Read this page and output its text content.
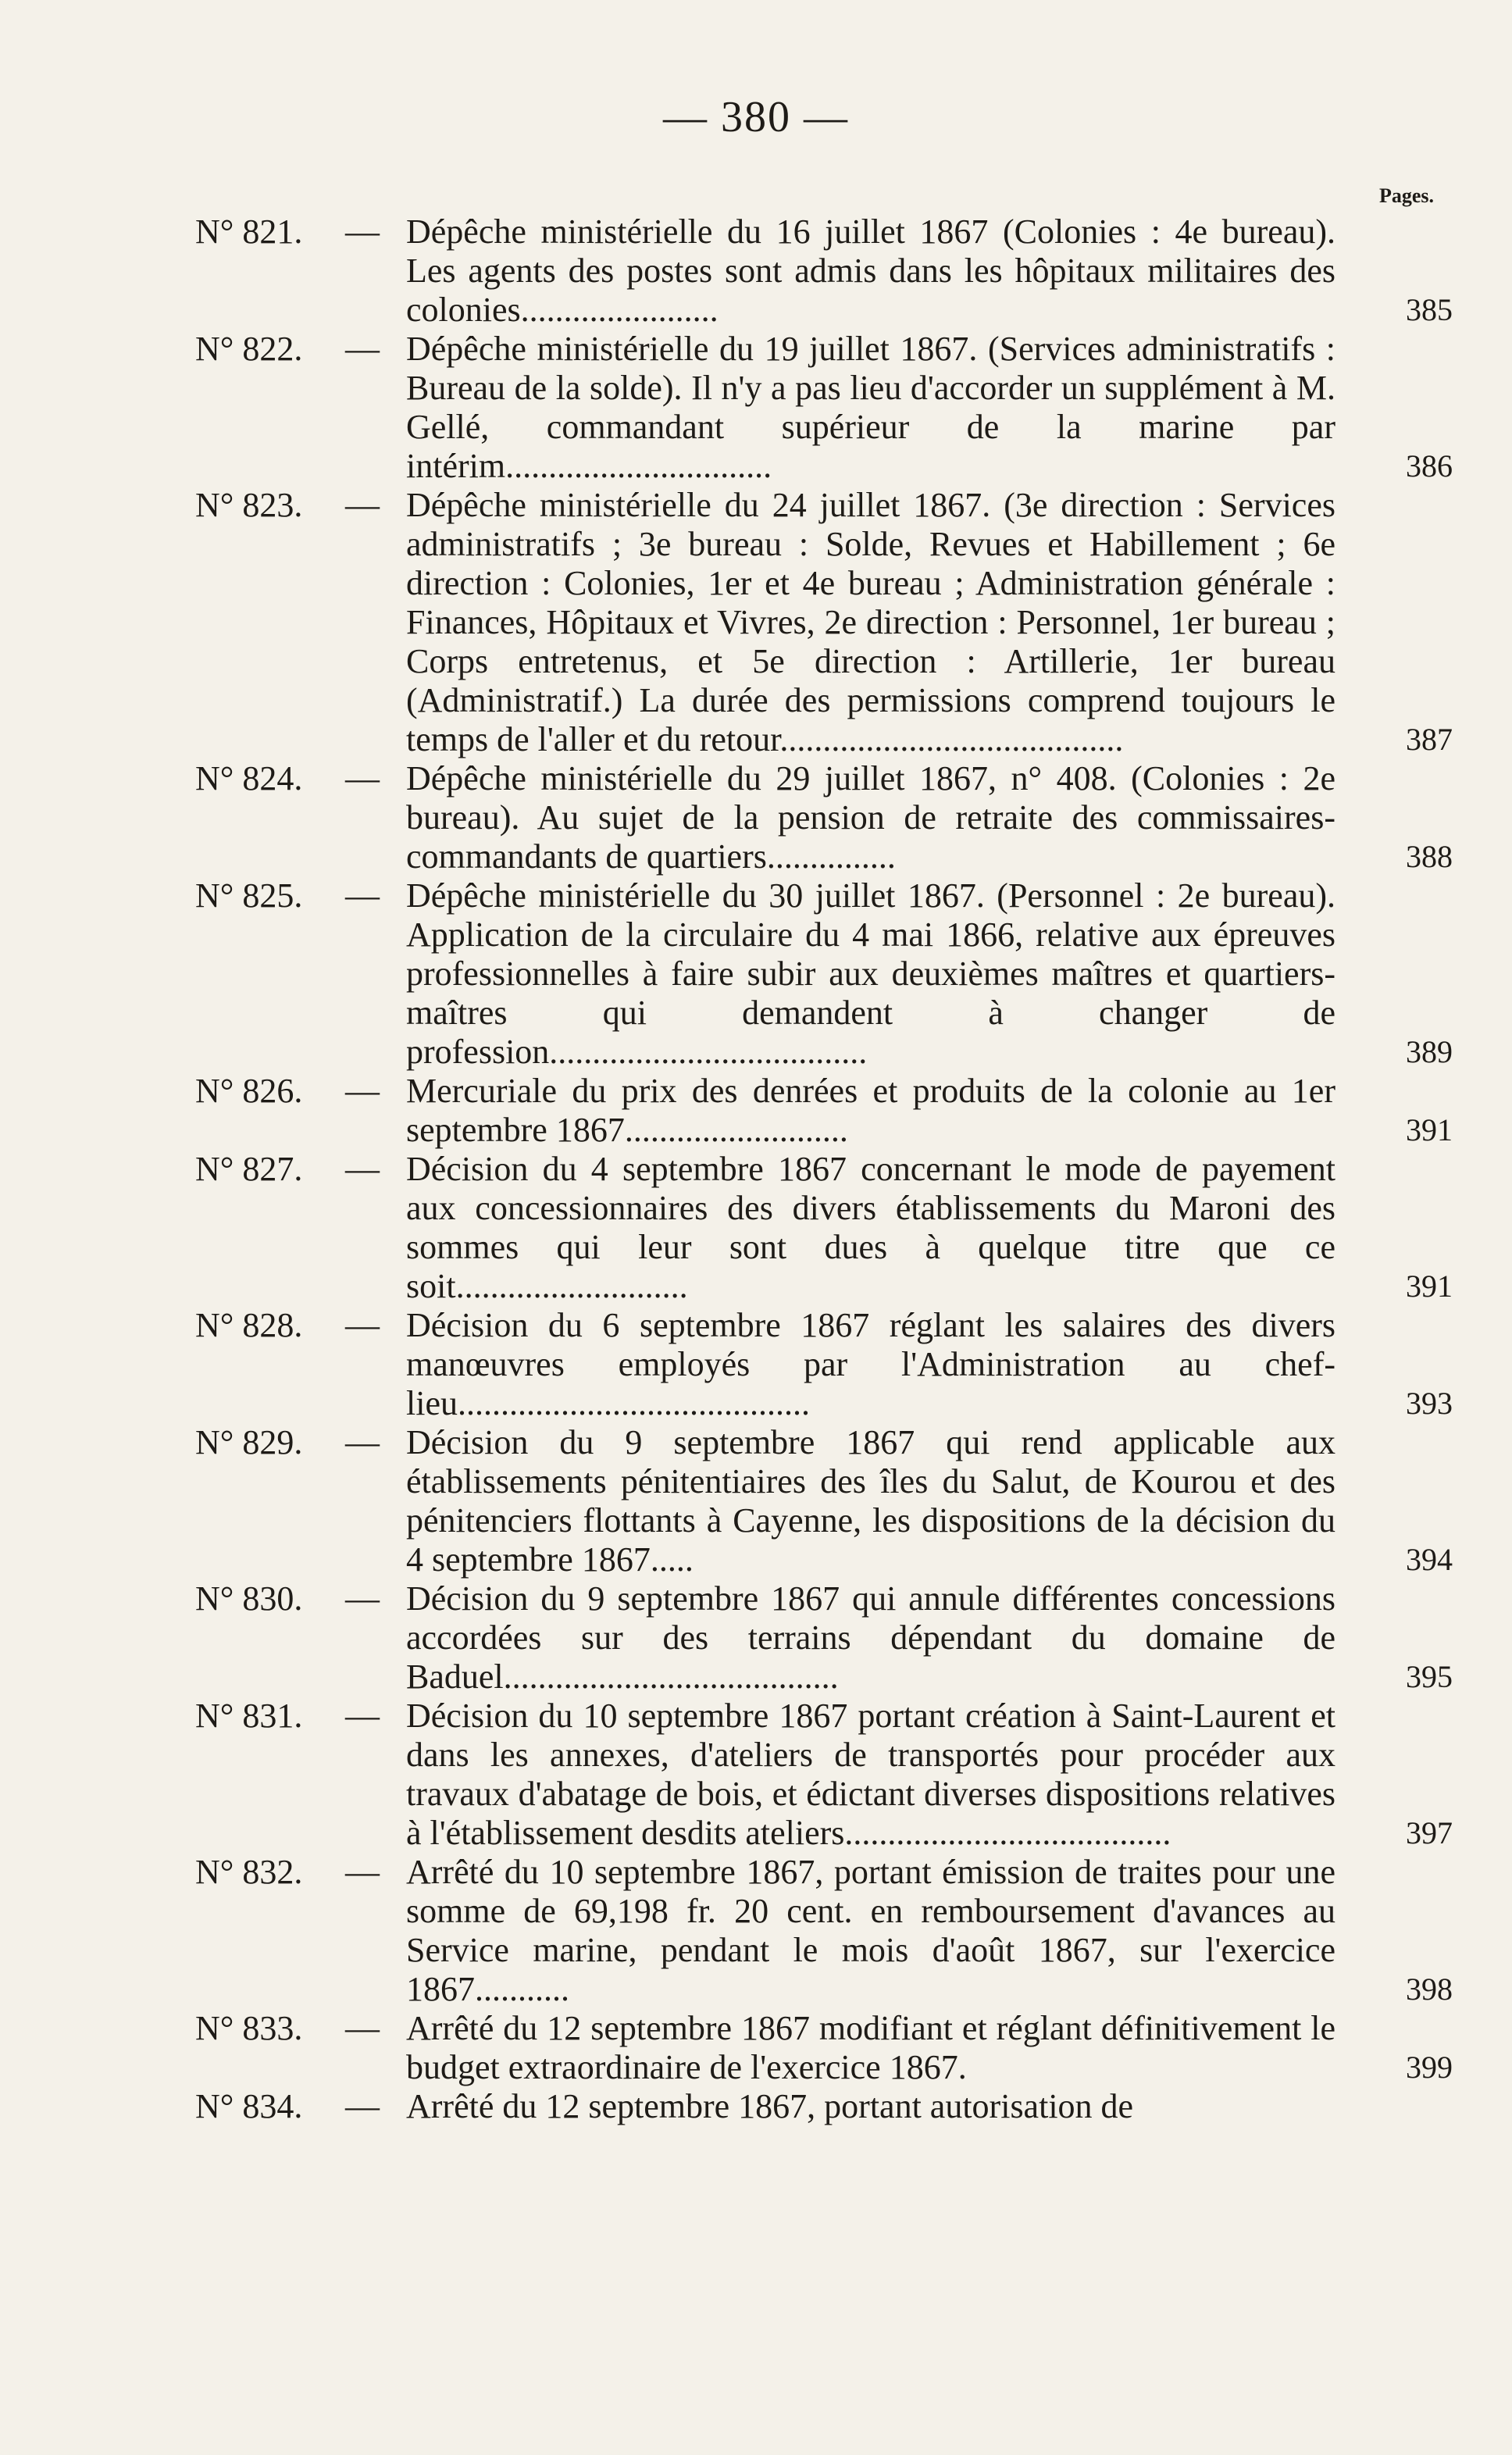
— 380 —
Pages.
N° 821. — Dépêche ministérielle du 16 juillet 1867 (Colonies : 4e bureau). Les agents des postes sont admis dans les hôpitaux militaires des colonies.......................	385
N° 822. — Dépêche ministérielle du 19 juillet 1867. (Services administratifs : Bureau de la solde). Il n'y a pas lieu d'accorder un supplément à M. Gellé, commandant supérieur de la marine par intérim...............................	386
N° 823. — Dépêche ministérielle du 24 juillet 1867. (3e direction : Services administratifs ; 3e bureau : Solde, Revues et Habillement ; 6e direction : Colonies, 1er et 4e bureau ; Administration générale : Finances, Hôpitaux et Vivres, 2e direction : Personnel, 1er bureau ; Corps entretenus, et 5e direction : Artillerie, 1er bureau (Administratif.) La durée des permissions comprend toujours le temps de l'aller et du retour........................................	387
N° 824. — Dépêche ministérielle du 29 juillet 1867, n° 408. (Colonies : 2e bureau). Au sujet de la pension de retraite des commissaires-commandants de quartiers...............	388
N° 825. — Dépêche ministérielle du 30 juillet 1867. (Personnel : 2e bureau). Application de la circulaire du 4 mai 1866, relative aux épreuves professionnelles à faire subir aux deuxièmes maîtres et quartiers-maîtres qui demandent à changer de profession.....................................	389
N° 826. — Mercuriale du prix des denrées et produits de la colonie au 1er septembre 1867..........................	391
N° 827. — Décision du 4 septembre 1867 concernant le mode de payement aux concessionnaires des divers établissements du Maroni des sommes qui leur sont dues à quelque titre que ce soit...........................	391
N° 828. — Décision du 6 septembre 1867 réglant les salaires des divers manœuvres employés par l'Administration au chef-lieu.........................................	393
N° 829. — Décision du 9 septembre 1867 qui rend applicable aux établissements pénitentiaires des îles du Salut, de Kourou et des pénitenciers flottants à Cayenne, les dispositions de la décision du 4 septembre 1867.....	394
N° 830. — Décision du 9 septembre 1867 qui annule différentes concessions accordées sur des terrains dépendant du domaine de Baduel.......................................	395
N° 831. — Décision du 10 septembre 1867 portant création à Saint-Laurent et dans les annexes, d'ateliers de transportés pour procéder aux travaux d'abatage de bois, et édictant diverses dispositions relatives à l'établissement desdits ateliers......................................	397
N° 832. — Arrêté du 10 septembre 1867, portant émission de traites pour une somme de 69,198 fr. 20 cent. en remboursement d'avances au Service marine, pendant le mois d'août 1867, sur l'exercice 1867...........	398
N° 833. — Arrêté du 12 septembre 1867 modifiant et réglant définitivement le budget extraordinaire de l'exercice 1867.	399
N° 834. — Arrêté du 12 septembre 1867, portant autorisation de
